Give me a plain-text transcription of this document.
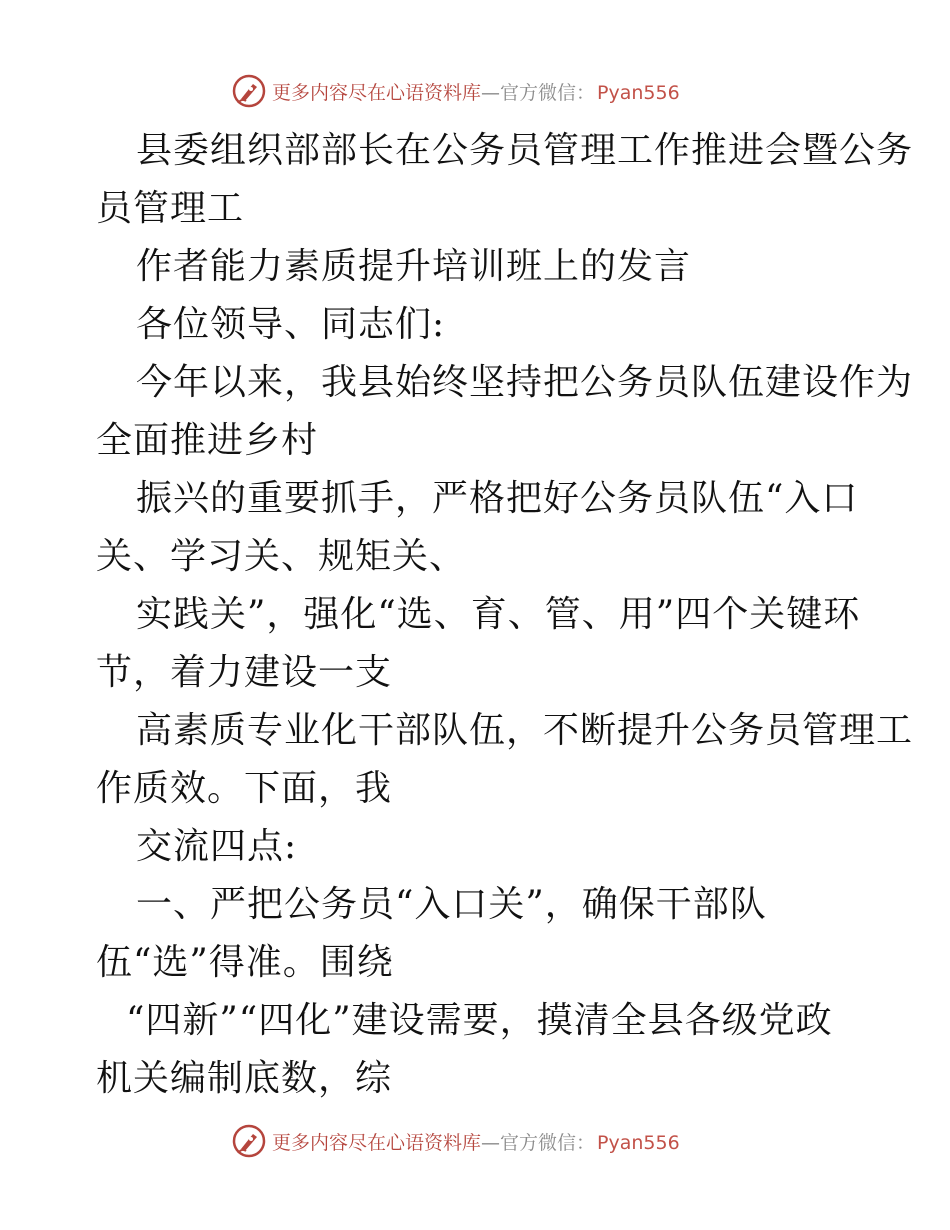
更多内容尽在心语资料库—官方微信： Pyan556
县委组织部部长在公务员管理工作推进会暨公务
员管理工
作者能力素质提升培训班上的发言
各位领导、同志们:
今年以来，我县始终坚持把公务员队伍建设作为
全面推进乡村
振兴的重要抓手，严格把好公务员队伍“入口
关、学习关、规矩关、
实践关”，强化“选、育、管、用”四个关键环
节，着力建设一支
高素质专业化干部队伍，不断提升公务员管理工
作质效。下面，我
交流四点:
一、严把公务员“入口关”，确保干部队
伍“选”得准。围绕
“四新”“四化”建设需要，摸清全县各级党政
机关编制底数，综
更多内容尽在心语资料库—官方微信： Pyan556
